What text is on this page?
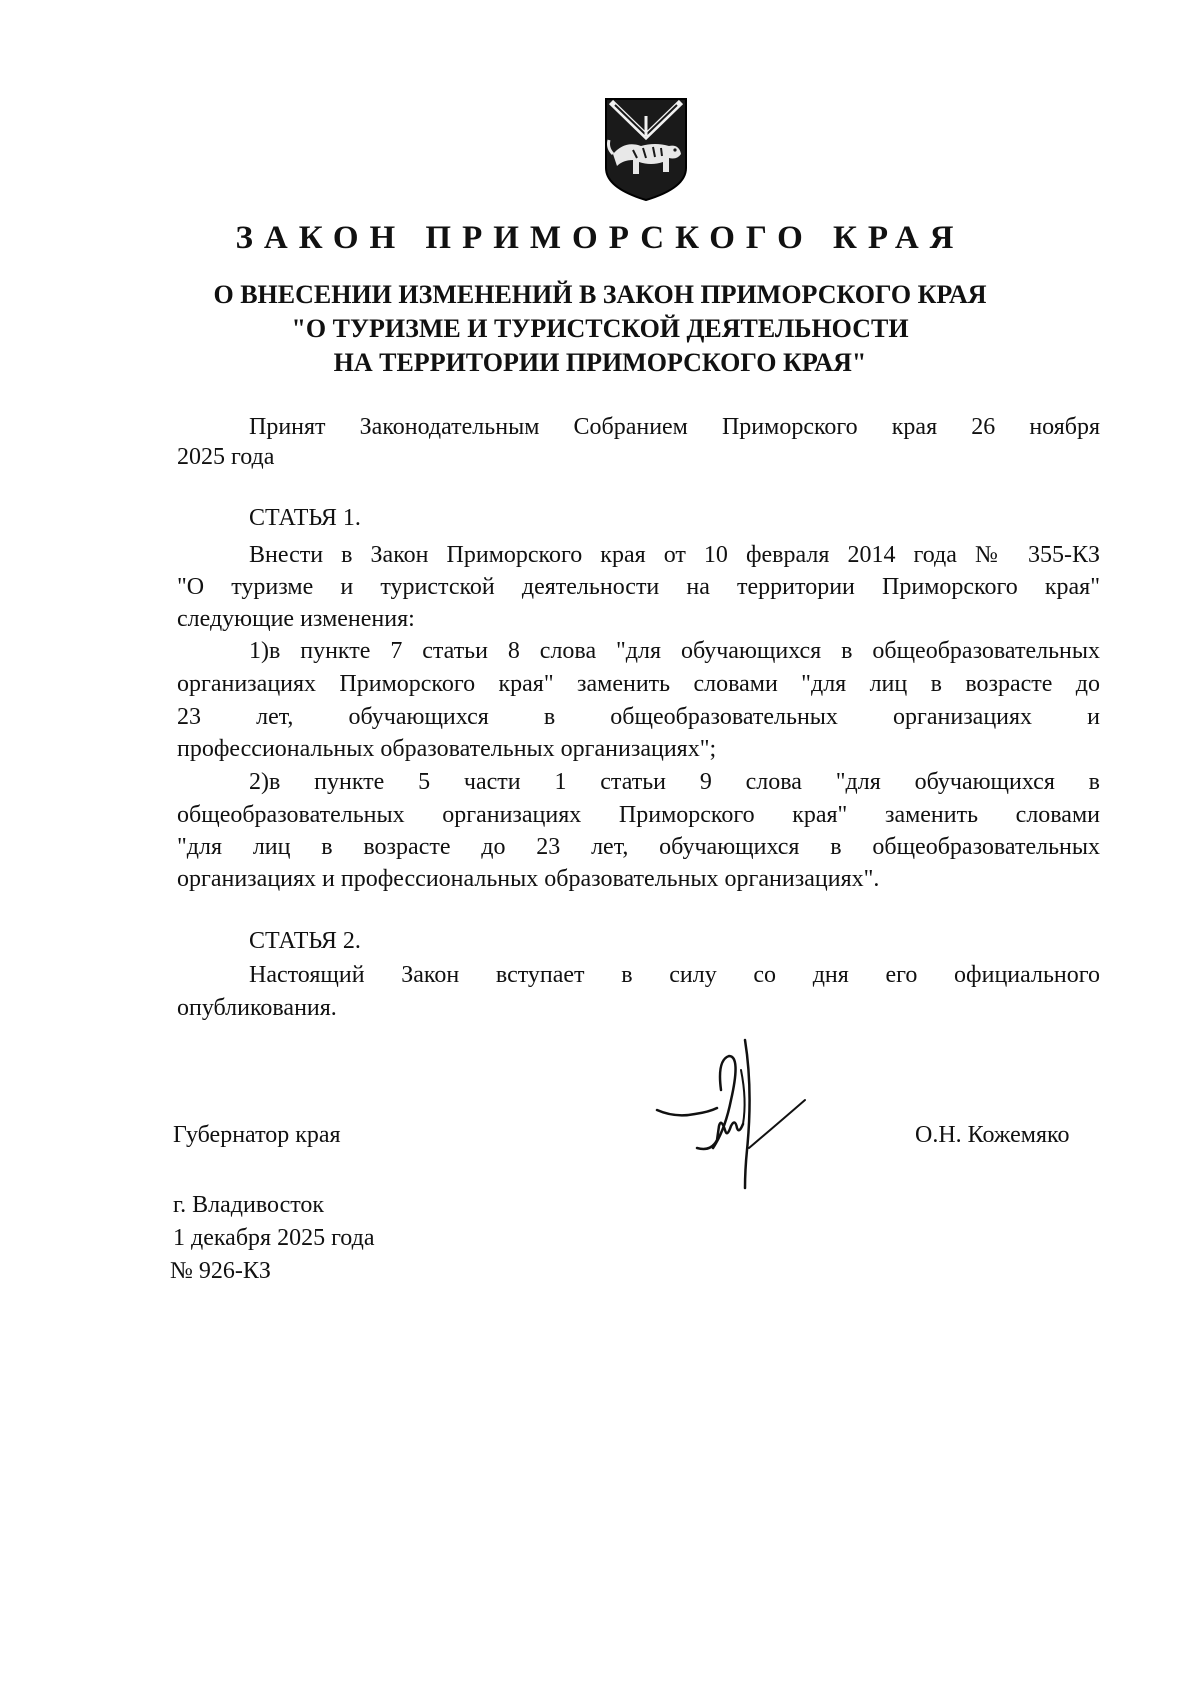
ЗАКОН ПРИМОРСКОГО КРАЯ
О ВНЕСЕНИИ ИЗМЕНЕНИЙ В ЗАКОН ПРИМОРСКОГО КРАЯ
"О ТУРИЗМЕ И ТУРИСТСКОЙ ДЕЯТЕЛЬНОСТИ
НА ТЕРРИТОРИИ ПРИМОРСКОГО КРАЯ"
Принят Законодательным Собранием Приморского края 26 ноября
2025 года
СТАТЬЯ 1.
Внести в Закон Приморского края от 10 февраля 2014 года № 355-КЗ
"О туризме и туристской деятельности на территории Приморского края"
следующие изменения:
1)в пункте 7 статьи 8 слова "для обучающихся в общеобразовательных
организациях Приморского края" заменить словами "для лиц в возрасте до
23 лет, обучающихся в общеобразовательных организациях и
профессиональных образовательных организациях";
2)в пункте 5 части 1 статьи 9 слова "для обучающихся в
общеобразовательных организациях Приморского края" заменить словами
"для лиц в возрасте до 23 лет, обучающихся в общеобразовательных
организациях и профессиональных образовательных организациях".
СТАТЬЯ 2.
Настоящий Закон вступает в силу со дня его официального
опубликования.
Губернатор края	О.Н. Кожемяко
г. Владивосток
1 декабря 2025 года
№ 926-КЗ
